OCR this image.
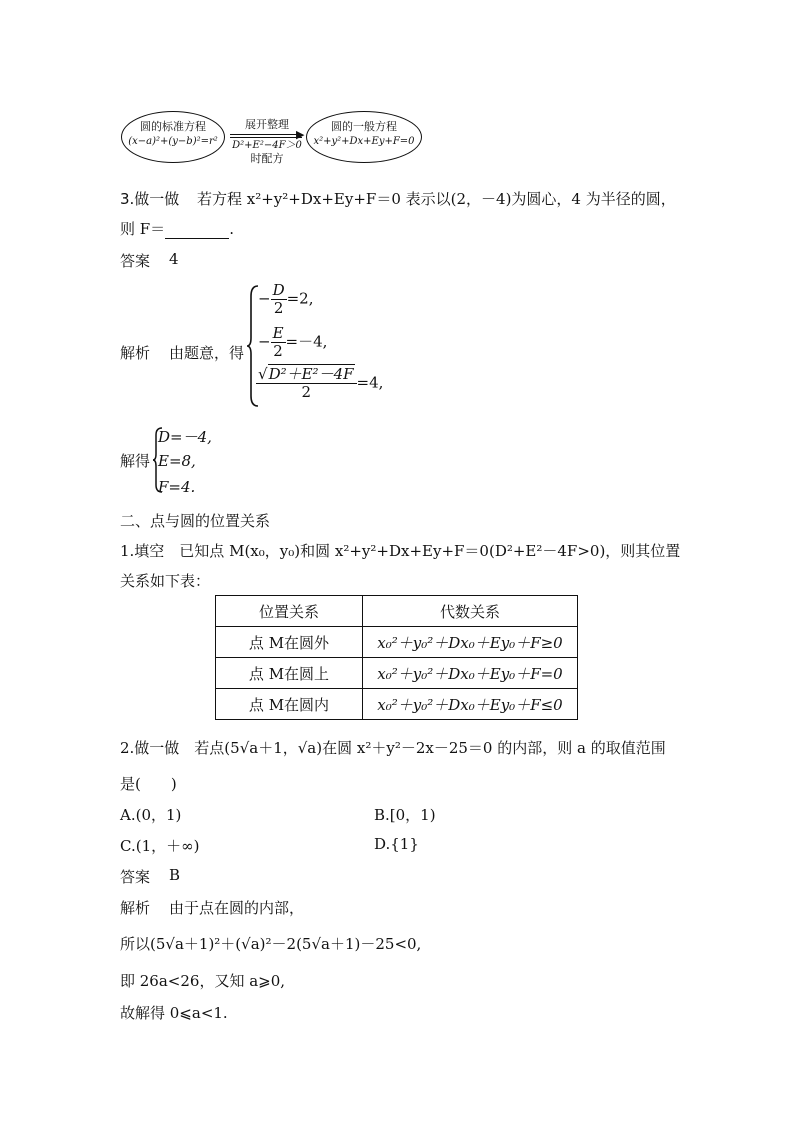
圆的标准方程
(x−a)²+(y−b)²=r²
展开整理
▶
D²+E²−4F＞0
时配方
圆的一般方程
x²+y²+Dx+Ey+F=0
3.做一做 若方程 x²+y²+Dx+Ey+F＝0 表示以(2，－4)为圆心，4 为半径的圆，
则 F＝	.
答案 4
解析 由题意，得
− $\frac{D}{2} =2$,
− $\frac{E}{2} =-4$,
$\frac{\text{√D²＋E²－4F}}{2} =4$,
解得
D=－4,
E=8,
F=4.
二、点与圆的位置关系
1.填空　已知点 M(x₀，y₀)和圆 x²+y²+Dx+Ey+F＝0(D²+E²－4F>0)，则其位置
关系如下表：
位置关系	代数关系
点 M在圆外	x₀²＋y₀²＋Dx₀＋Ey₀＋F≥0
点 M在圆上	x₀²＋y₀²＋Dx₀＋Ey₀＋F=0
点 M在圆内	x₀²＋y₀²＋Dx₀＋Ey₀＋F≤0
2.做一做　若点(5√a＋1，√a)在圆 x²＋y²－2x－25＝0 的内部，则 a 的取值范围
是(　　)
A.(0，1)	B.[0，1)
C.(1，＋∞)	D.{1}
答案 B
解析 由于点在圆的内部，
所以(5√a＋1)²＋(√a)²－2(5√a＋1)－25<0,
即 26a<26，又知 a⩾0,
故解得 0⩽a<1.
